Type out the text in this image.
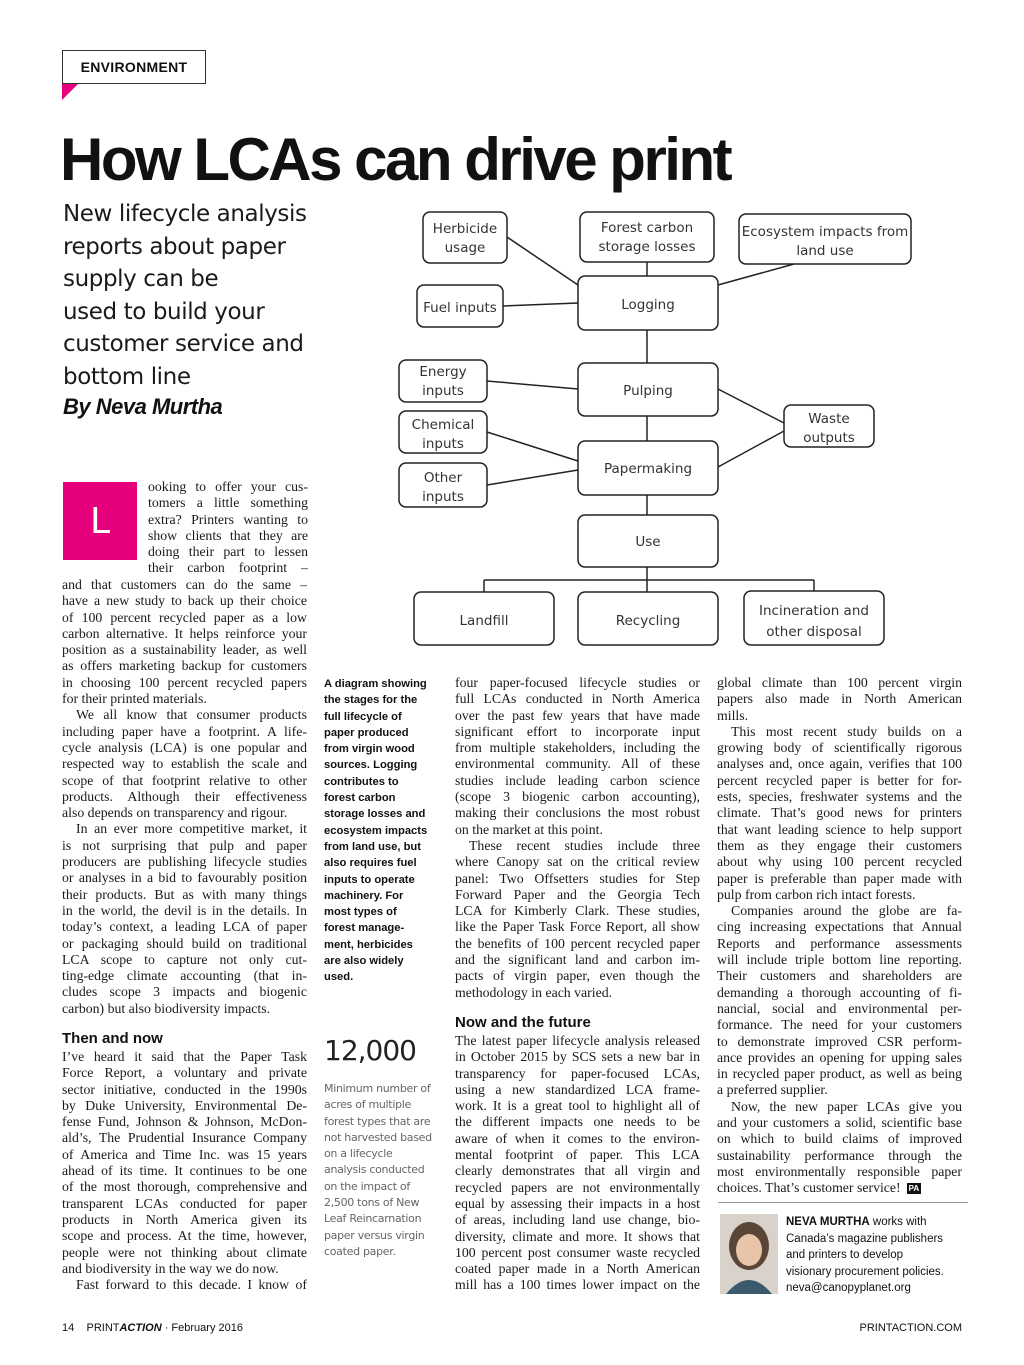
ENVIRONMENT
How LCAs can drive print
New lifecycle analysis
reports about paper
supply can be
used to build your
customer service and
bottom line
By Neva Murtha
Herbicide
usage
Forest carbon
storage losses
Ecosystem impacts from
land use
Fuel inputs	Logging
Energy
inputs	Pulping
Chemical
inputs
Waste
outputs
Other
inputs
Papermaking
Use
Landfill	Recycling
Incineration and
other disposal
L
ooking to offer your cus-
tomers a little something
extra? Printers wanting to
show clients that they are
doing their part to lessen
their carbon footprint –
and that customers can do the same –
have a new study to back up their choice
of 100 percent recycled paper as a low
carbon alternative. It helps reinforce your
position as a sustainability leader, as well
as offers marketing backup for customers
in choosing 100 percent recycled papers
for their printed materials.
We all know that consumer products
including paper have a footprint. A life-
cycle analysis (LCA) is one popular and
respected way to establish the scale and
scope of that footprint relative to other
products. Although their effectiveness
also depends on transparency and rigour.
In an ever more competitive market, it
is not surprising that pulp and paper
producers are publishing lifecycle studies
or analyses in a bid to favourably position
their products. But as with many things
in the world, the devil is in the details. In
today’s context, a leading LCA of paper
or packaging should build on traditional
LCA scope to capture not only cut-
ting-edge climate accounting (that in-
cludes scope 3 impacts and biogenic
carbon) but also biodiversity impacts.
Then and now
I’ve heard it said that the Paper Task
Force Report, a voluntary and private
sector initiative, conducted in the 1990s
by Duke University, Environmental De-
fense Fund, Johnson & Johnson, McDon-
ald’s, The Prudential Insurance Company
of America and Time Inc. was 15 years
ahead of its time. It continues to be one
of the most thorough, comprehensive and
transparent LCAs conducted for paper
products in North America given its
scope and process. At the time, however,
people were not thinking about climate
and biodiversity in the way we do now.
Fast forward to this decade. I know of
A diagram showing
the stages for the
full lifecycle of
paper produced
from virgin wood
sources. Logging
contributes to
forest carbon
storage losses and
ecosystem impacts
from land use, but
also requires fuel
inputs to operate
machinery. For
most types of
forest manage-
ment, herbicides
are also widely
used.
12,000
Minimum number of
acres of multiple
forest types that are
not harvested based
on a lifecycle
analysis conducted
on the impact of
2,500 tons of New
Leaf Reincarnation
paper versus virgin
coated paper.
four paper-focused lifecycle studies or
full LCAs conducted in North America
over the past few years that have made
significant effort to incorporate input
from multiple stakeholders, including the
environmental community. All of these
studies include leading carbon science
(scope 3 biogenic carbon accounting),
making their conclusions the most robust
on the market at this point.
These recent studies include three
where Canopy sat on the critical review
panel: Two Offsetters studies for Step
Forward Paper and the Georgia Tech
LCA for Kimberly Clark. These studies,
like the Paper Task Force Report, all show
the benefits of 100 percent recycled paper
and the significant land and carbon im-
pacts of virgin paper, even though the
methodology in each varied.
Now and the future
The latest paper lifecycle analysis released
in October 2015 by SCS sets a new bar in
transparency for paper-focused LCAs,
using a new standardized LCA frame-
work. It is a great tool to highlight all of
the different impacts one needs to be
aware of when it comes to the environ-
mental footprint of paper. This LCA
clearly demonstrates that all virgin and
recycled papers are not environmentally
equal by assessing their impacts in a host
of areas, including land use change, bio-
diversity, climate and more. It shows that
100 percent post consumer waste recycled
coated paper made in a North American
mill has a 100 times lower impact on the
global climate than 100 percent virgin
papers also made in North American
mills.
This most recent study builds on a
growing body of scientifically rigorous
analyses and, once again, verifies that 100
percent recycled paper is better for for-
ests, species, freshwater systems and the
climate. That’s good news for printers
that want leading science to help support
them as they engage their customers
about why using 100 percent recycled
paper is preferable than paper made with
pulp from carbon rich intact forests.
Companies around the globe are fa-
cing increasing expectations that Annual
Reports and performance assessments
will include triple bottom line reporting.
Their customers and shareholders are
demanding a thorough accounting of fi-
nancial, social and environmental per-
formance. The need for your customers
to demonstrate improved CSR perform-
ance provides an opening for upping sales
in recycled paper product, as well as being
a preferred supplier.
Now, the new paper LCAs give you
and your customers a solid, scientific base
on which to build claims of improved
sustainability performance through the
most environmentally responsible paper
choices. That’s customer service! PA
NEVA MURTHA works with
Canada’s magazine publishers
and printers to develop
visionary procurement policies.
neva@canopyplanet.org
14 PRINTACTION · February 2016	PRINTACTION.COM
